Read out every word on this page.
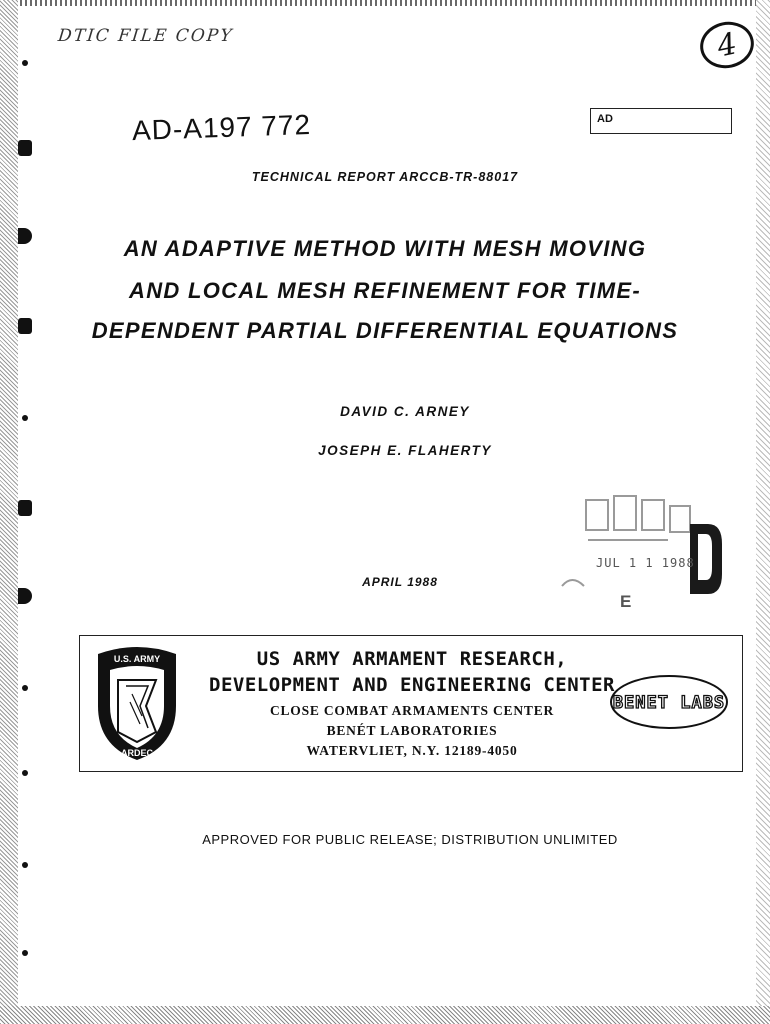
DTIC FILE COPY	4
AD-A197 772	AD
TECHNICAL REPORT ARCCB-TR-88017
AN ADAPTIVE METHOD WITH MESH MOVING
AND LOCAL MESH REFINEMENT FOR TIME-
DEPENDENT PARTIAL DIFFERENTIAL EQUATIONS
DAVID C. ARNEY
JOSEPH E. FLAHERTY
APRIL 1988
JUL 1 1 1988
E
U.S. ARMY
ARDEC
US ARMY ARMAMENT RESEARCH,
DEVELOPMENT AND ENGINEERING CENTER
CLOSE COMBAT ARMAMENTS CENTER
BENÉT LABORATORIES
WATERVLIET, N.Y. 12189-4050
BENET LABS
APPROVED FOR PUBLIC RELEASE; DISTRIBUTION UNLIMITED
